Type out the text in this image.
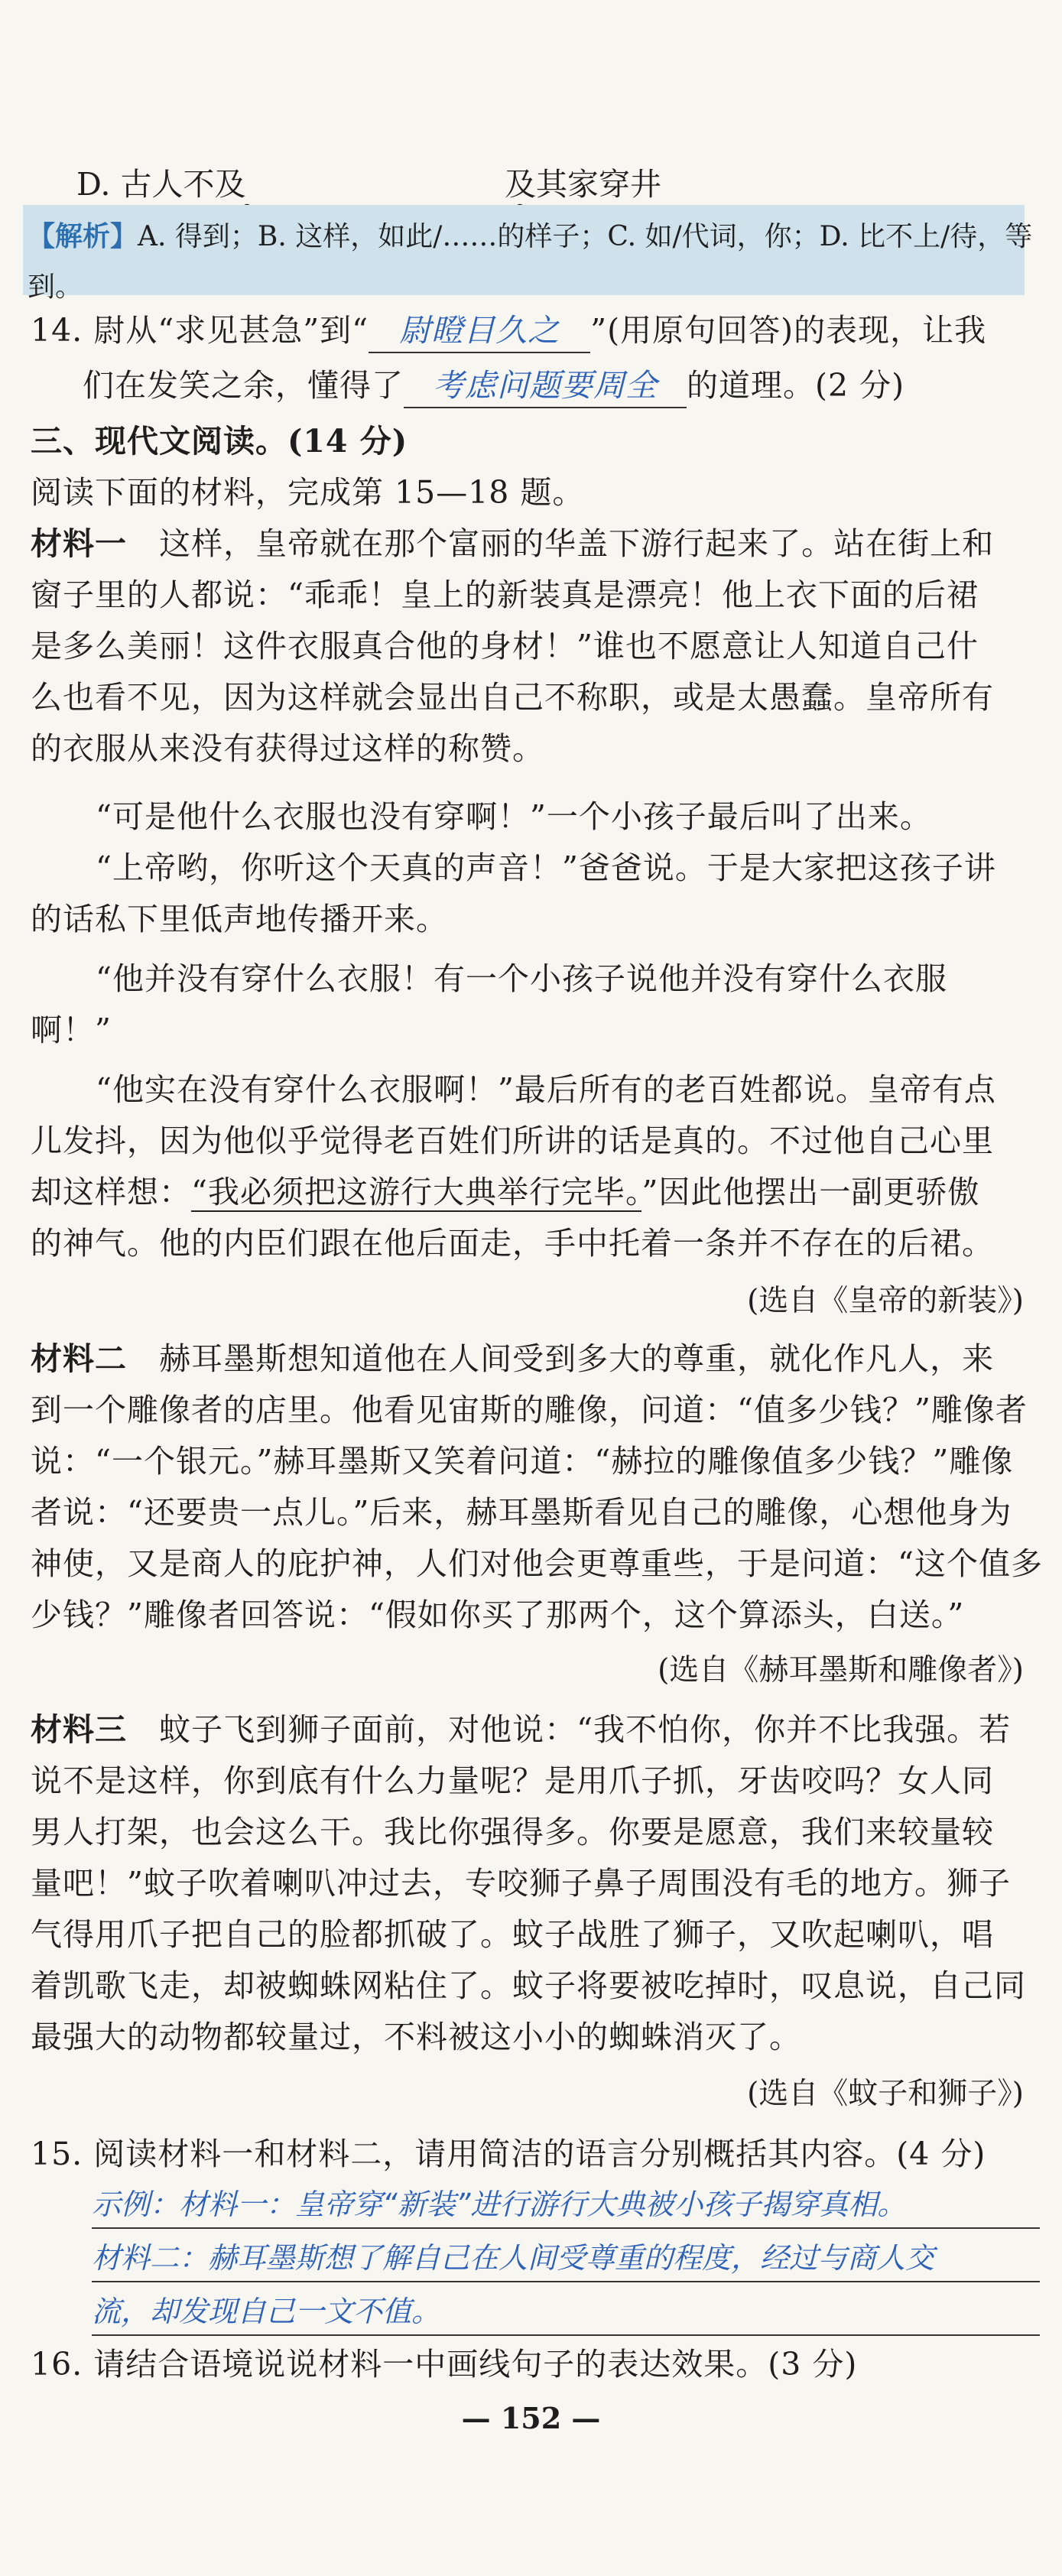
D. 古人不及	及其家穿井
【解析】A. 得到；B. 这样，如此/……的样子；C. 如/代词，你；D. 比不上/待，等
到。
14. 尉从“求见甚急”到“ 尉瞪目久之 ”(用原句回答)的表现，让我
们在发笑之余，懂得了 考虑问题要周全 的道理。(2 分)
三、现代文阅读。(14 分)
阅读下面的材料，完成第 15—18 题。
材料一 这样，皇帝就在那个富丽的华盖下游行起来了。站在街上和
窗子里的人都说：“乖乖！皇上的新装真是漂亮！他上衣下面的后裙
是多么美丽！这件衣服真合他的身材！”谁也不愿意让人知道自己什
么也看不见，因为这样就会显出自己不称职，或是太愚蠢。皇帝所有
的衣服从来没有获得过这样的称赞。
“可是他什么衣服也没有穿啊！”一个小孩子最后叫了出来。
“上帝哟，你听这个天真的声音！”爸爸说。于是大家把这孩子讲
的话私下里低声地传播开来。
“他并没有穿什么衣服！有一个小孩子说他并没有穿什么衣服
啊！”
“他实在没有穿什么衣服啊！”最后所有的老百姓都说。皇帝有点
儿发抖，因为他似乎觉得老百姓们所讲的话是真的。不过他自己心里
却这样想：“我必须把这游行大典举行完毕。”因此他摆出一副更骄傲
的神气。他的内臣们跟在他后面走，手中托着一条并不存在的后裙。
(选自《皇帝的新装》)
材料二 赫耳墨斯想知道他在人间受到多大的尊重，就化作凡人，来
到一个雕像者的店里。他看见宙斯的雕像，问道：“值多少钱？”雕像者
说：“一个银元。”赫耳墨斯又笑着问道：“赫拉的雕像值多少钱？”雕像
者说：“还要贵一点儿。”后来，赫耳墨斯看见自己的雕像，心想他身为
神使，又是商人的庇护神，人们对他会更尊重些，于是问道：“这个值多
少钱？”雕像者回答说：“假如你买了那两个，这个算添头，白送。”
(选自《赫耳墨斯和雕像者》)
材料三 蚊子飞到狮子面前，对他说：“我不怕你，你并不比我强。若
说不是这样，你到底有什么力量呢？是用爪子抓，牙齿咬吗？女人同
男人打架，也会这么干。我比你强得多。你要是愿意，我们来较量较
量吧！”蚊子吹着喇叭冲过去，专咬狮子鼻子周围没有毛的地方。狮子
气得用爪子把自己的脸都抓破了。蚊子战胜了狮子，又吹起喇叭，唱
着凯歌飞走，却被蜘蛛网粘住了。蚊子将要被吃掉时，叹息说，自己同
最强大的动物都较量过，不料被这小小的蜘蛛消灭了。
(选自《蚊子和狮子》)
15. 阅读材料一和材料二，请用简洁的语言分别概括其内容。(4 分)
示例：材料一：皇帝穿“新装”进行游行大典被小孩子揭穿真相。
材料二：赫耳墨斯想了解自己在人间受尊重的程度，经过与商人交
流，却发现自己一文不值。
16. 请结合语境说说材料一中画线句子的表达效果。(3 分)
— 152 —
